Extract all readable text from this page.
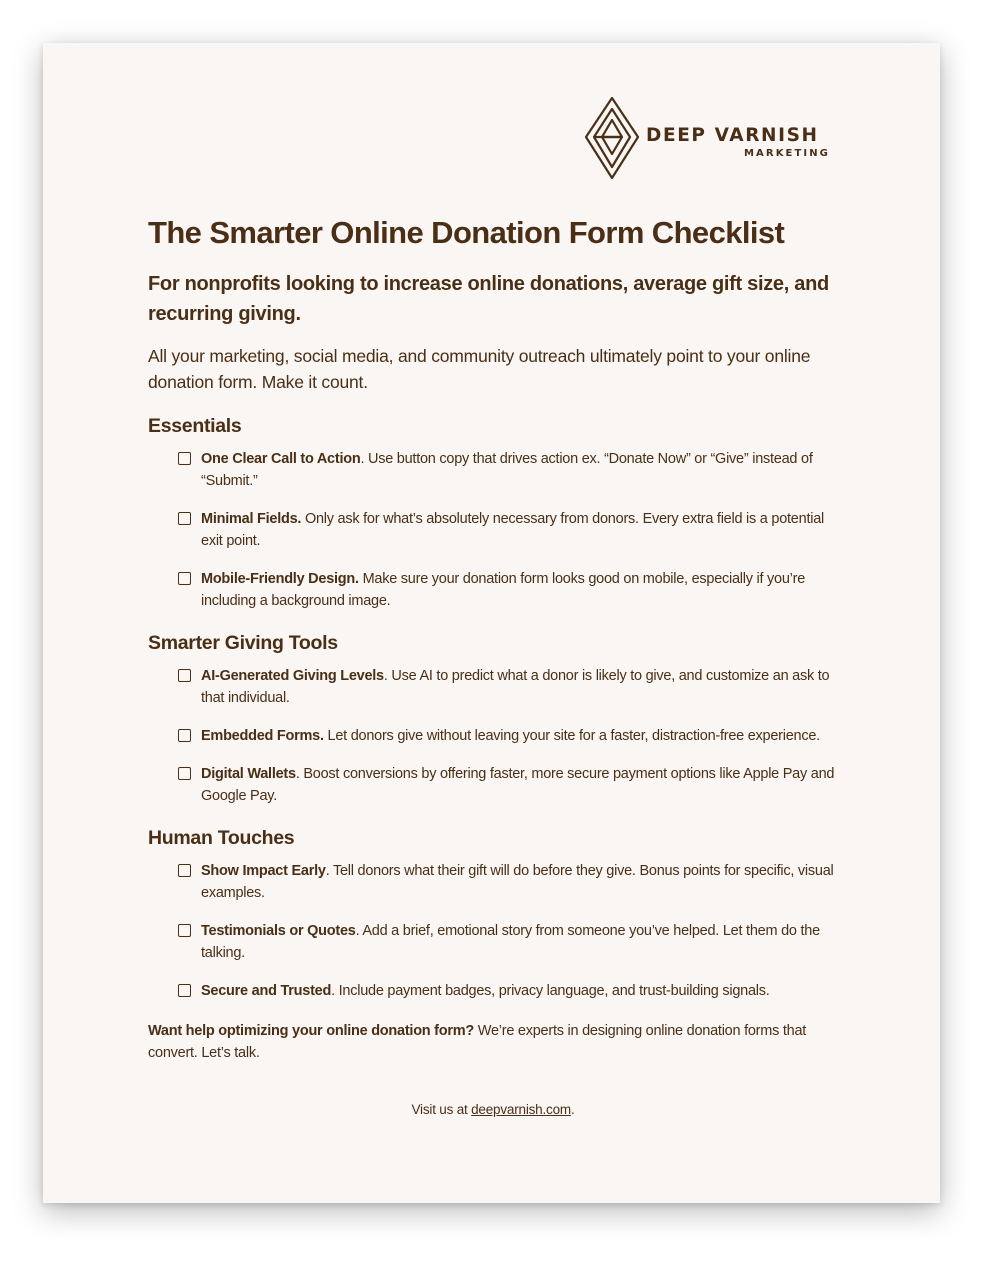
DEEP VARNISH
MARKETING
The Smarter Online Donation Form Checklist

For nonprofits looking to increase online donations, average gift size, and recurring giving.

All your marketing, social media, and community outreach ultimately point to your online donation form. Make it count.

Essentials
One Clear Call to Action. Use button copy that drives action ex. “Donate Now” or “Give” instead of “Submit.”
Minimal Fields. Only ask for what’s absolutely necessary from donors. Every extra field is a potential exit point.
Mobile-Friendly Design. Make sure your donation form looks good on mobile, especially if you’re including a background image.
Smarter Giving Tools
AI-Generated Giving Levels. Use AI to predict what a donor is likely to give, and customize an ask to that individual.
Embedded Forms. Let donors give without leaving your site for a faster, distraction-free experience.
Digital Wallets. Boost conversions by offering faster, more secure payment options like Apple Pay and Google Pay.
Human Touches
Show Impact Early. Tell donors what their gift will do before they give. Bonus points for specific, visual examples.
Testimonials or Quotes. Add a brief, emotional story from someone you’ve helped. Let them do the talking.
Secure and Trusted. Include payment badges, privacy language, and trust-building signals.

Want help optimizing your online donation form? We’re experts in designing online donation forms that convert. Let’s talk.

Visit us at deepvarnish.com.
